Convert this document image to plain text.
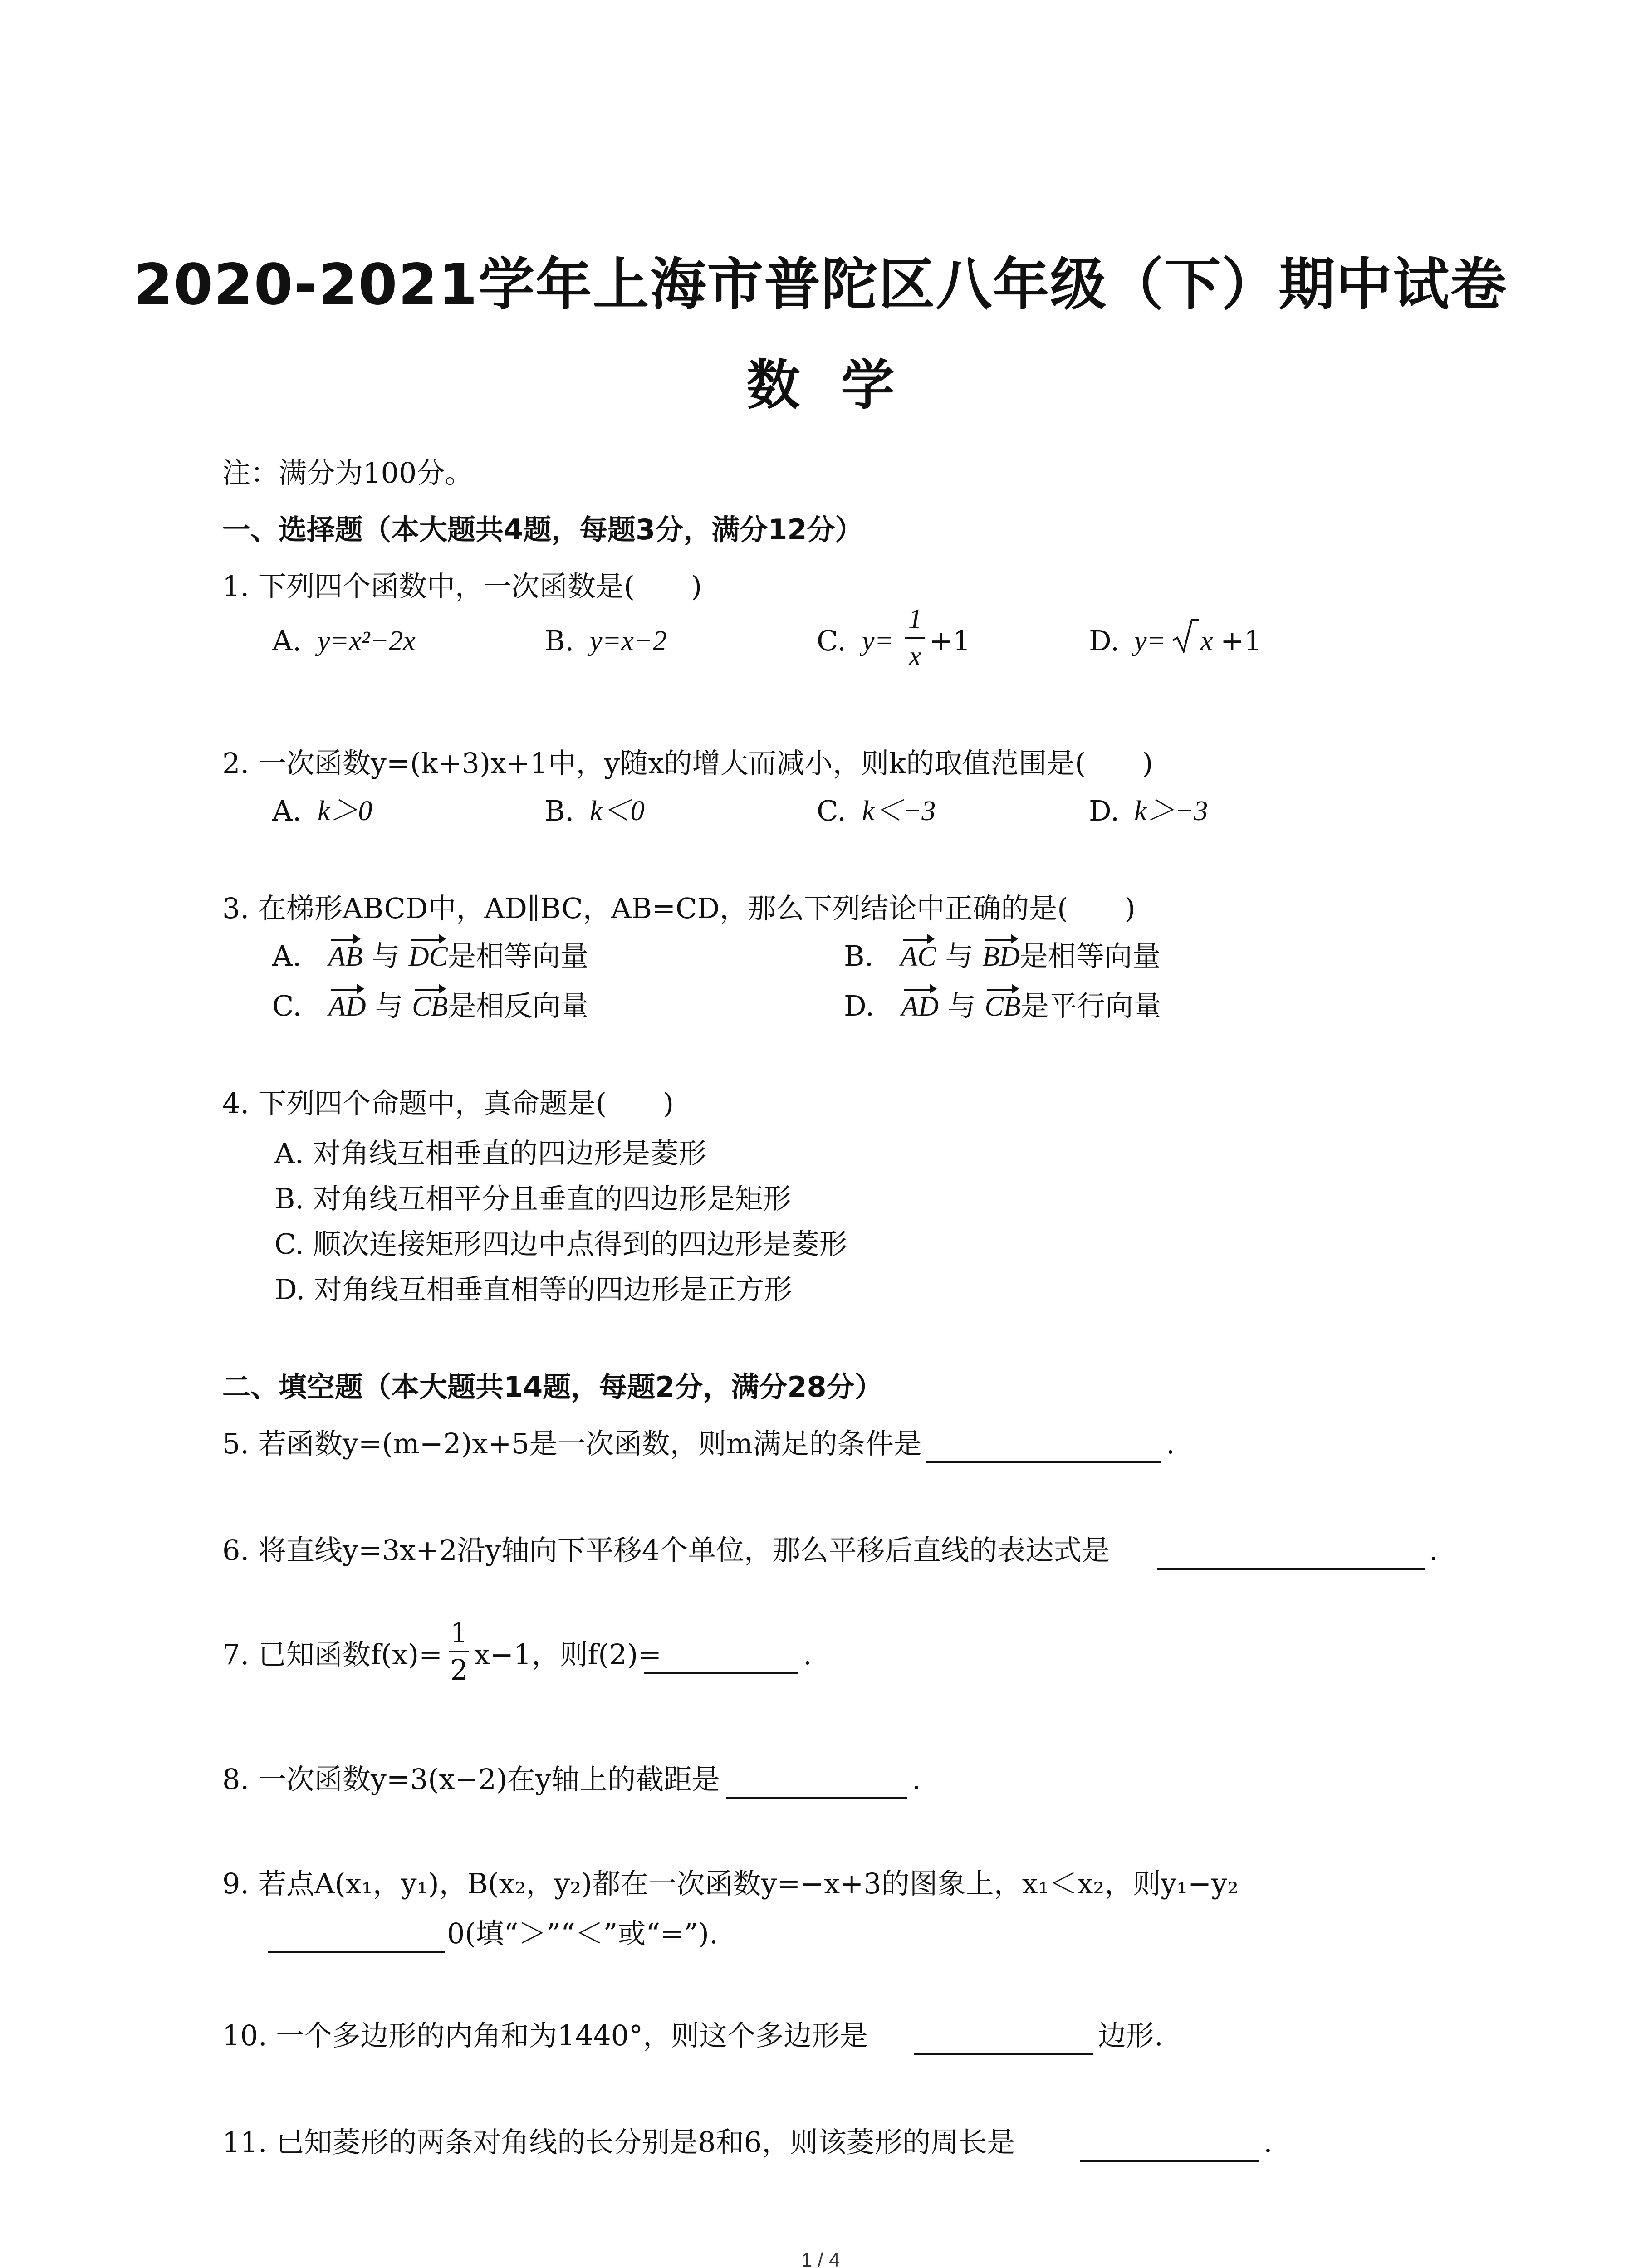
2020-2021学年上海市普陀区八年级（下）期中试卷
数学
注：满分为100分。
一、选择题（本大题共4题，每题3分，满分12分）
1. 下列四个函数中，一次函数是(　　)
A. y=x²−2x	B. y=x−2	C. y=
1
x +1	D. y= x +1
2. 一次函数y=(k+3)x+1中，y随x的增大而减小，则k的取值范围是(　　)
A. k＞0	B. k＜0	C. k＜−3	D. k＞−3
3. 在梯形ABCD中，AD∥BC，AB=CD，那么下列结论中正确的是(　　)
A. AB 与 DC是相等向量	B. AC 与 BD是相等向量
C. AD 与 CB是相反向量	D. AD 与 CB是平行向量
4. 下列四个命题中，真命题是(　　)
A. 对角线互相垂直的四边形是菱形
B. 对角线互相平分且垂直的四边形是矩形
C. 顺次连接矩形四边中点得到的四边形是菱形
D. 对角线互相垂直相等的四边形是正方形
二、填空题（本大题共14题，每题2分，满分28分）
5. 若函数y=(m−2)x+5是一次函数，则m满足的条件是	.
6. 将直线y=3x+2沿y轴向下平移4个单位，那么平移后直线的表达式是	.
7. 已知函数f(x)=
1
2 x−1，则f(2)=	.
8. 一次函数y=3(x−2)在y轴上的截距是	.
9. 若点A(x₁，y₁)，B(x₂，y₂)都在一次函数y=−x+3的图象上，x₁＜x₂，则y₁−y₂
0(填“＞”“＜”或“=”).
10. 一个多边形的内角和为1440°，则这个多边形是	边形.
11. 已知菱形的两条对角线的长分别是8和6，则该菱形的周长是	.
1 / 4
